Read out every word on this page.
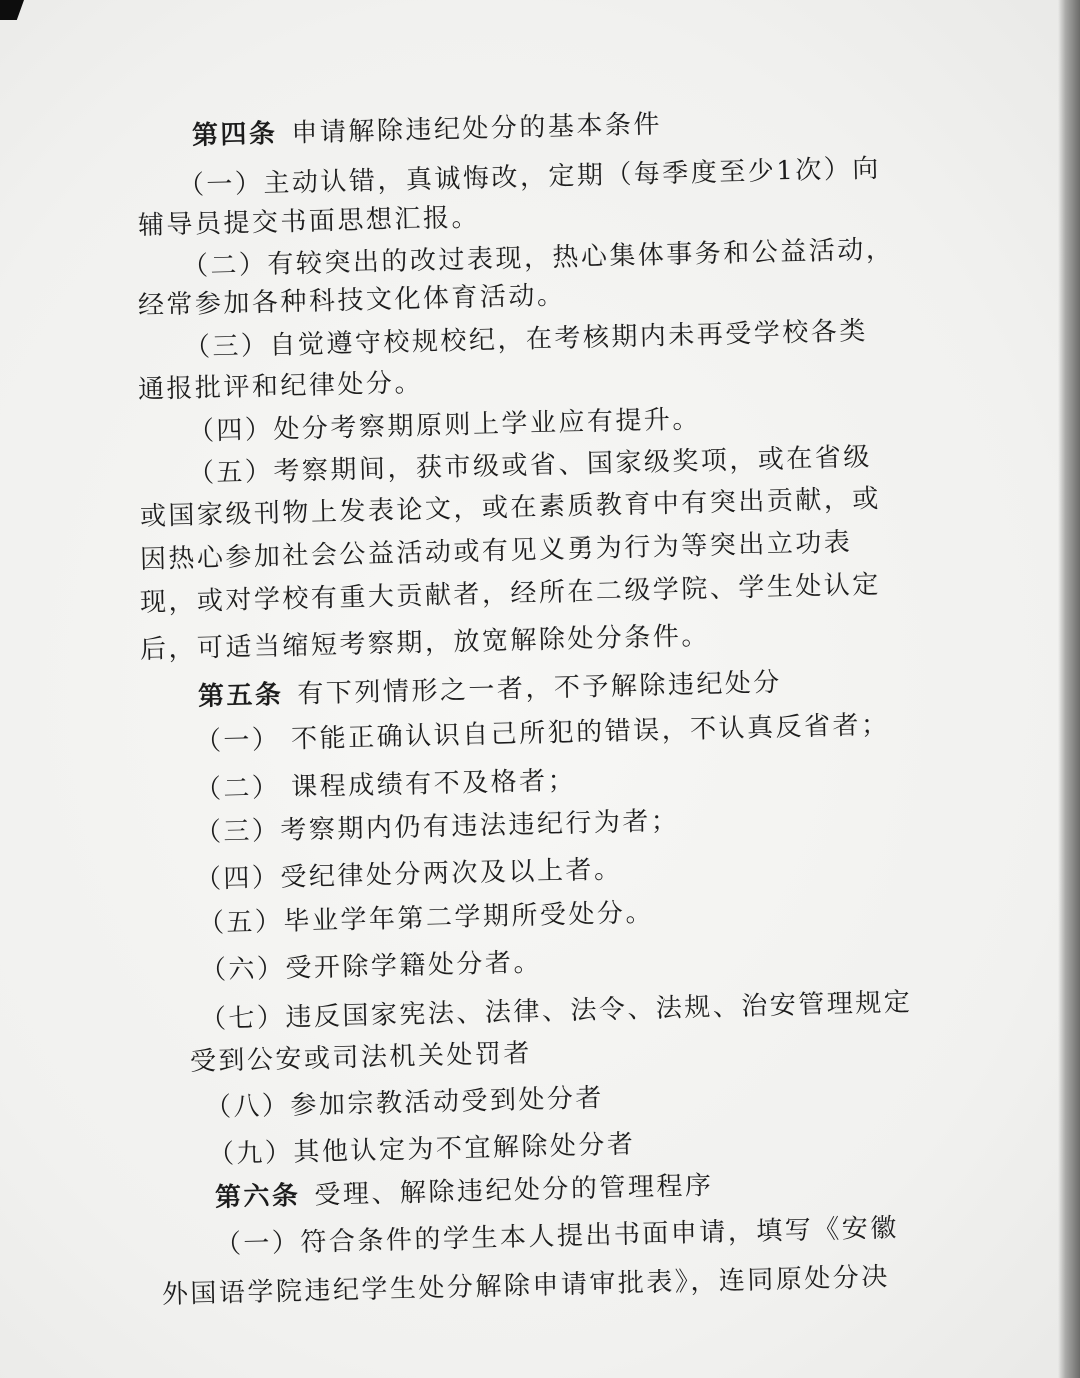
第四条 申请解除违纪处分的基本条件
（一）主动认错，真诚悔改，定期（每季度至少1次）向
辅导员提交书面思想汇报。
（二）有较突出的改过表现，热心集体事务和公益活动，
经常参加各种科技文化体育活动。
（三）自觉遵守校规校纪，在考核期内未再受学校各类
通报批评和纪律处分。
（四）处分考察期原则上学业应有提升。
（五）考察期间，获市级或省、国家级奖项，或在省级
或国家级刊物上发表论文，或在素质教育中有突出贡献，或
因热心参加社会公益活动或有见义勇为行为等突出立功表
现，或对学校有重大贡献者，经所在二级学院、学生处认定
后，可适当缩短考察期，放宽解除处分条件。
第五条 有下列情形之一者，不予解除违纪处分
（一） 不能正确认识自己所犯的错误，不认真反省者；
（二） 课程成绩有不及格者；
（三）考察期内仍有违法违纪行为者；
（四）受纪律处分两次及以上者。
（五）毕业学年第二学期所受处分。
（六）受开除学籍处分者。
（七）违反国家宪法、法律、法令、法规、治安管理规定
受到公安或司法机关处罚者
（八）参加宗教活动受到处分者
（九）其他认定为不宜解除处分者
第六条 受理、解除违纪处分的管理程序
（一）符合条件的学生本人提出书面申请，填写《安徽
外国语学院违纪学生处分解除申请审批表》，连同原处分决
